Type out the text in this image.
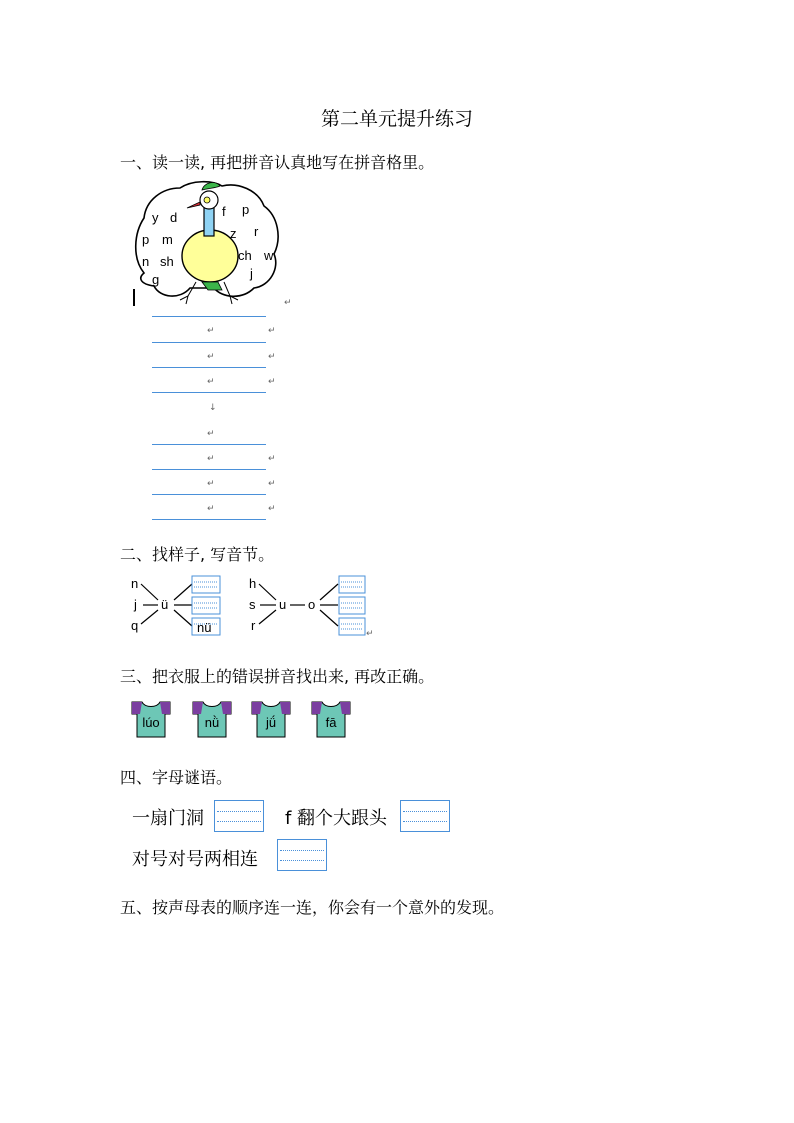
第二单元提升练习
一、读一读, 再把拼音认真地写在拼音格里。
y d	f p
p m	z r
n sh	ch w
g	j
↵
↵	↵
↵	↵
↵	↵
↓
↵
↵	↵
↵	↵
↵	↵
二、找样子, 写音节。
n
j
q
ü
nü
h
s
r
u o
↵
三、把衣服上的错误拼音找出来, 再改正确。
lúo	nǜ	jǘ	fā
四、字母谜语。
一扇门洞	f 翻个大跟头
对号对号两相连
五、按声母表的顺序连一连，你会有一个意外的发现。
